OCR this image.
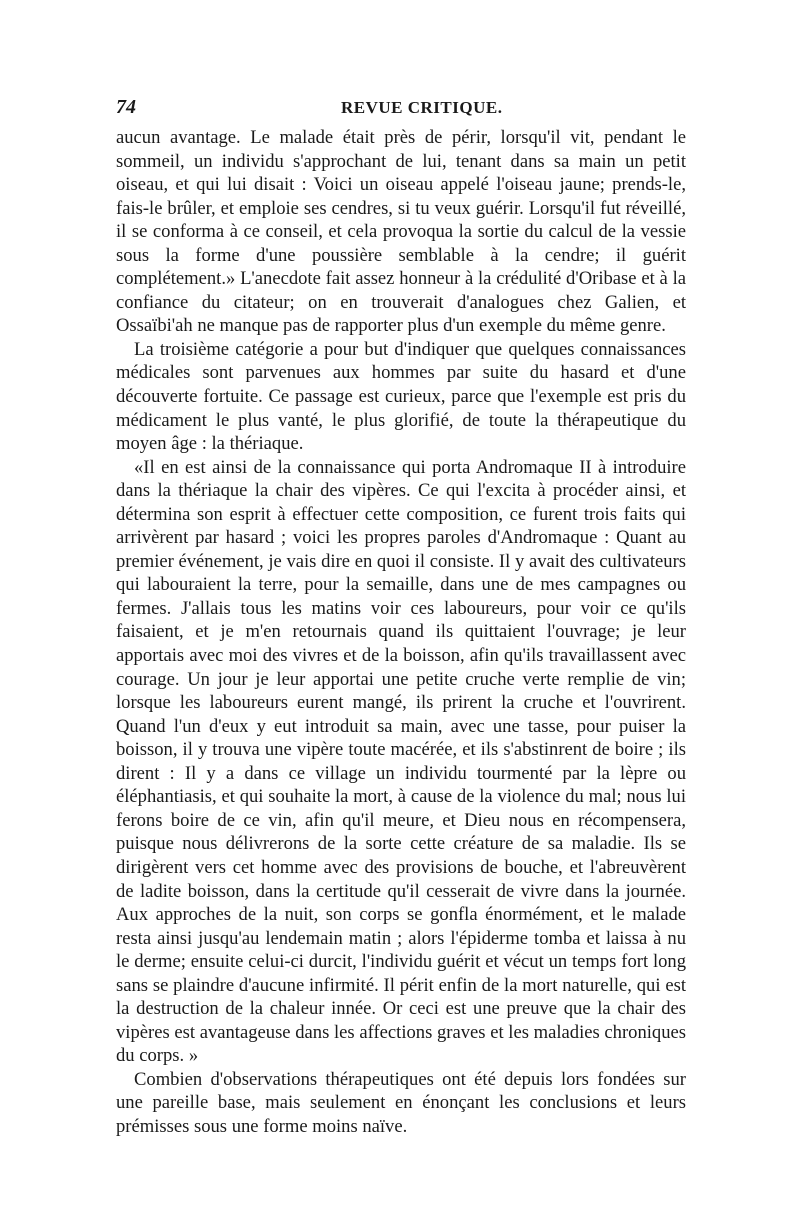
74	REVUE CRITIQUE.

aucun avantage. Le malade était près de périr, lorsqu'il vit, pendant le sommeil, un individu s'approchant de lui, tenant dans sa main un petit oiseau, et qui lui disait : Voici un oiseau appelé l'oiseau jaune; prends-le, fais-le brûler, et emploie ses cendres, si tu veux guérir. Lorsqu'il fut réveillé, il se conforma à ce conseil, et cela provoqua la sortie du calcul de la vessie sous la forme d'une poussière semblable à la cendre; il guérit complétement.» L'anecdote fait assez honneur à la crédulité d'Oribase et à la confiance du citateur; on en trouverait d'analogues chez Galien, et Ossaïbi'ah ne manque pas de rapporter plus d'un exemple du même genre.

La troisième catégorie a pour but d'indiquer que quelques connaissances médicales sont parvenues aux hommes par suite du hasard et d'une découverte fortuite. Ce passage est curieux, parce que l'exemple est pris du médicament le plus vanté, le plus glorifié, de toute la thérapeutique du moyen âge : la thériaque.

«Il en est ainsi de la connaissance qui porta Andromaque II à introduire dans la thériaque la chair des vipères. Ce qui l'excita à procéder ainsi, et détermina son esprit à effectuer cette composition, ce furent trois faits qui arrivèrent par hasard ; voici les propres paroles d'Andromaque : Quant au premier événement, je vais dire en quoi il consiste. Il y avait des cultivateurs qui labouraient la terre, pour la semaille, dans une de mes campagnes ou fermes. J'allais tous les matins voir ces laboureurs, pour voir ce qu'ils faisaient, et je m'en retournais quand ils quittaient l'ouvrage; je leur apportais avec moi des vivres et de la boisson, afin qu'ils travaillassent avec courage. Un jour je leur apportai une petite cruche verte remplie de vin; lorsque les laboureurs eurent mangé, ils prirent la cruche et l'ouvrirent. Quand l'un d'eux y eut introduit sa main, avec une tasse, pour puiser la boisson, il y trouva une vipère toute macérée, et ils s'abstinrent de boire ; ils dirent : Il y a dans ce village un individu tourmenté par la lèpre ou éléphantiasis, et qui souhaite la mort, à cause de la violence du mal; nous lui ferons boire de ce vin, afin qu'il meure, et Dieu nous en récompensera, puisque nous délivrerons de la sorte cette créature de sa maladie. Ils se dirigèrent vers cet homme avec des provisions de bouche, et l'abreuvèrent de ladite boisson, dans la certitude qu'il cesserait de vivre dans la journée. Aux approches de la nuit, son corps se gonfla énormément, et le malade resta ainsi jusqu'au lendemain matin ; alors l'épiderme tomba et laissa à nu le derme; ensuite celui-ci durcit, l'individu guérit et vécut un temps fort long sans se plaindre d'aucune infirmité. Il périt enfin de la mort naturelle, qui est la destruction de la chaleur innée. Or ceci est une preuve que la chair des vipères est avantageuse dans les affections graves et les maladies chroniques du corps. »

Combien d'observations thérapeutiques ont été depuis lors fondées sur une pareille base, mais seulement en énonçant les conclusions et leurs prémisses sous une forme moins naïve.
